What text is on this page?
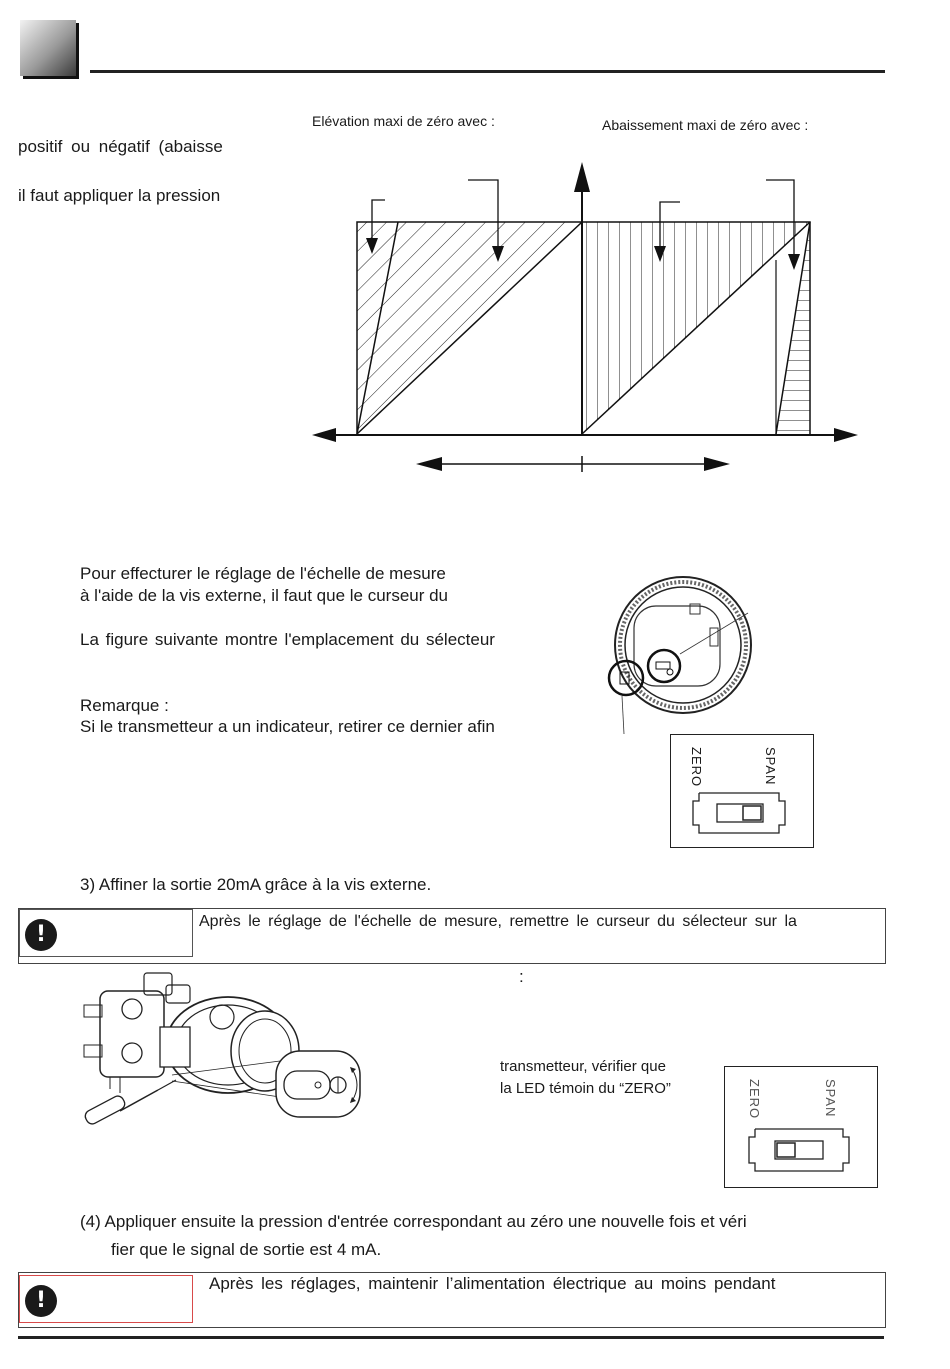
positif ou négatif (abaisse
il faut appliquer la pression
Elévation maxi de zéro avec :	Abaissement maxi de zéro avec :
Pour effecturer le réglage de l'échelle de mesure
à l'aide de la vis externe, il faut que le curseur du
La figure suivante montre l'emplacement du sélecteur
Remarque :
Si le transmetteur a un indicateur, retirer ce dernier afin
ZERO	SPAN
3) Affiner la sortie 20mA grâce à la vis externe.
!
Après le réglage de l'échelle de mesure, remettre le curseur du sélecteur sur la
:
transmetteur, vérifier que
la LED témoin du “ZERO”	ZERO	SPAN
(4) Appliquer ensuite la pression d'entrée correspondant au zéro une nouvelle fois et véri
fier que le signal de sortie est 4 mA.
!
Après les réglages, maintenir l’alimentation électrique au moins pendant
